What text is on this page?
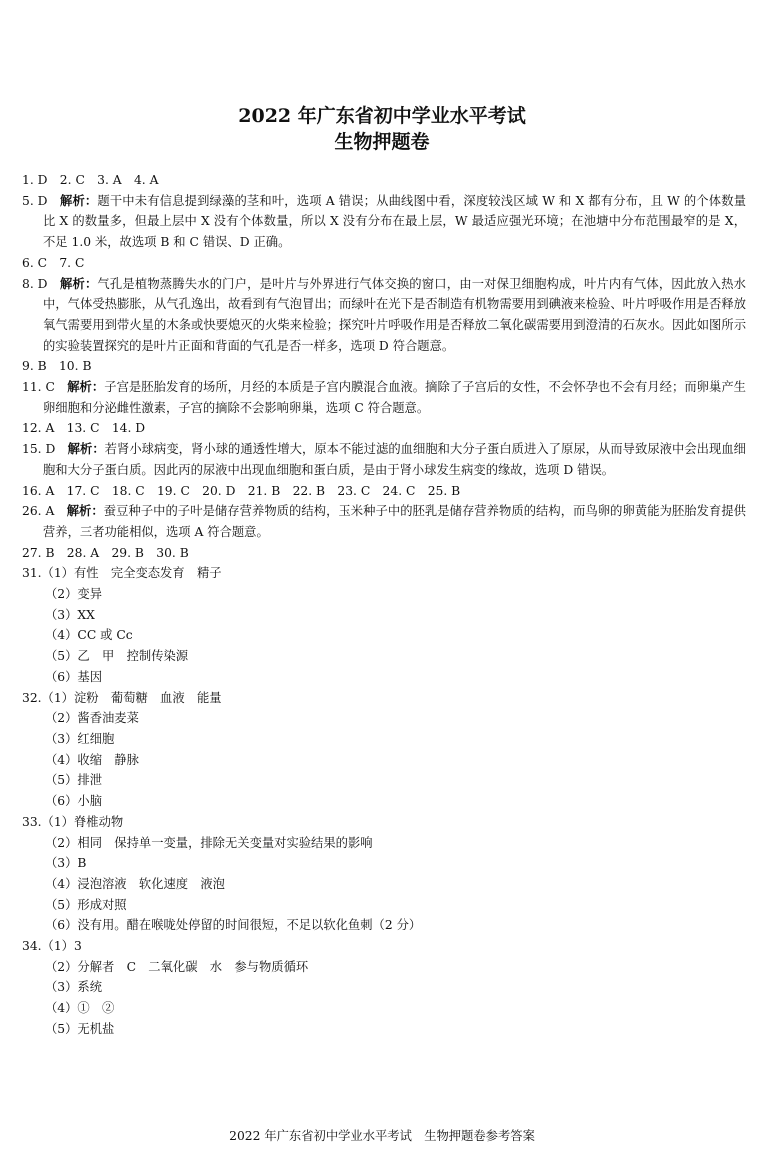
2022 年广东省初中学业水平考试
生物押题卷

1. D　2. C　3. A　4. A

5. D　解析：题干中未有信息提到绿藻的茎和叶，选项 A 错误；从曲线图中看，深度较浅区域 W 和 X 都有分布，且 W 的个体数量比 X 的数量多，但最上层中 X 没有个体数量，所以 X 没有分布在最上层，W 最适应强光环境；在池塘中分布范围最窄的是 X，不足 1.0 米，故选项 B 和 C 错误、D 正确。

6. C　7. C

8. D　解析：气孔是植物蒸腾失水的门户，是叶片与外界进行气体交换的窗口，由一对保卫细胞构成，叶片内有气体，因此放入热水中，气体受热膨胀，从气孔逸出，故看到有气泡冒出；而绿叶在光下是否制造有机物需要用到碘液来检验、叶片呼吸作用是否释放氧气需要用到带火星的木条或快要熄灭的火柴来检验；探究叶片呼吸作用是否释放二氧化碳需要用到澄清的石灰水。因此如图所示的实验装置探究的是叶片正面和背面的气孔是否一样多，选项 D 符合题意。

9. B　10. B

11. C　解析：子宫是胚胎发育的场所，月经的本质是子宫内膜混合血液。摘除了子宫后的女性，不会怀孕也不会有月经；而卵巢产生卵细胞和分泌雌性激素，子宫的摘除不会影响卵巢，选项 C 符合题意。

12. A　13. C　14. D

15. D　解析：若肾小球病变，肾小球的通透性增大，原本不能过滤的血细胞和大分子蛋白质进入了原尿，从而导致尿液中会出现血细胞和大分子蛋白质。因此丙的尿液中出现血细胞和蛋白质，是由于肾小球发生病变的缘故，选项 D 错误。

16. A　17. C　18. C　19. C　20. D　21. B　22. B　23. C　24. C　25. B

26. A　解析：蚕豆种子中的子叶是储存营养物质的结构，玉米种子中的胚乳是储存营养物质的结构，而鸟卵的卵黄能为胚胎发育提供营养，三者功能相似，选项 A 符合题意。

27. B　28. A　29. B　30. B

31.（1）有性　完全变态发育　精子

（2）变异

（3）XX

（4）CC 或 Cc

（5）乙　甲　控制传染源

（6）基因

32.（1）淀粉　葡萄糖　血液　能量

（2）酱香油麦菜

（3）红细胞

（4）收缩　静脉

（5）排泄

（6）小脑

33.（1）脊椎动物

（2）相同　保持单一变量，排除无关变量对实验结果的影响

（3）B

（4）浸泡溶液　软化速度　液泡

（5）形成对照

（6）没有用。醋在喉咙处停留的时间很短，不足以软化鱼刺（2 分）

34.（1）3

（2）分解者　C　二氧化碳　水　参与物质循环

（3）系统

（4）①　②

（5）无机盐

2022 年广东省初中学业水平考试　生物押题卷参考答案
